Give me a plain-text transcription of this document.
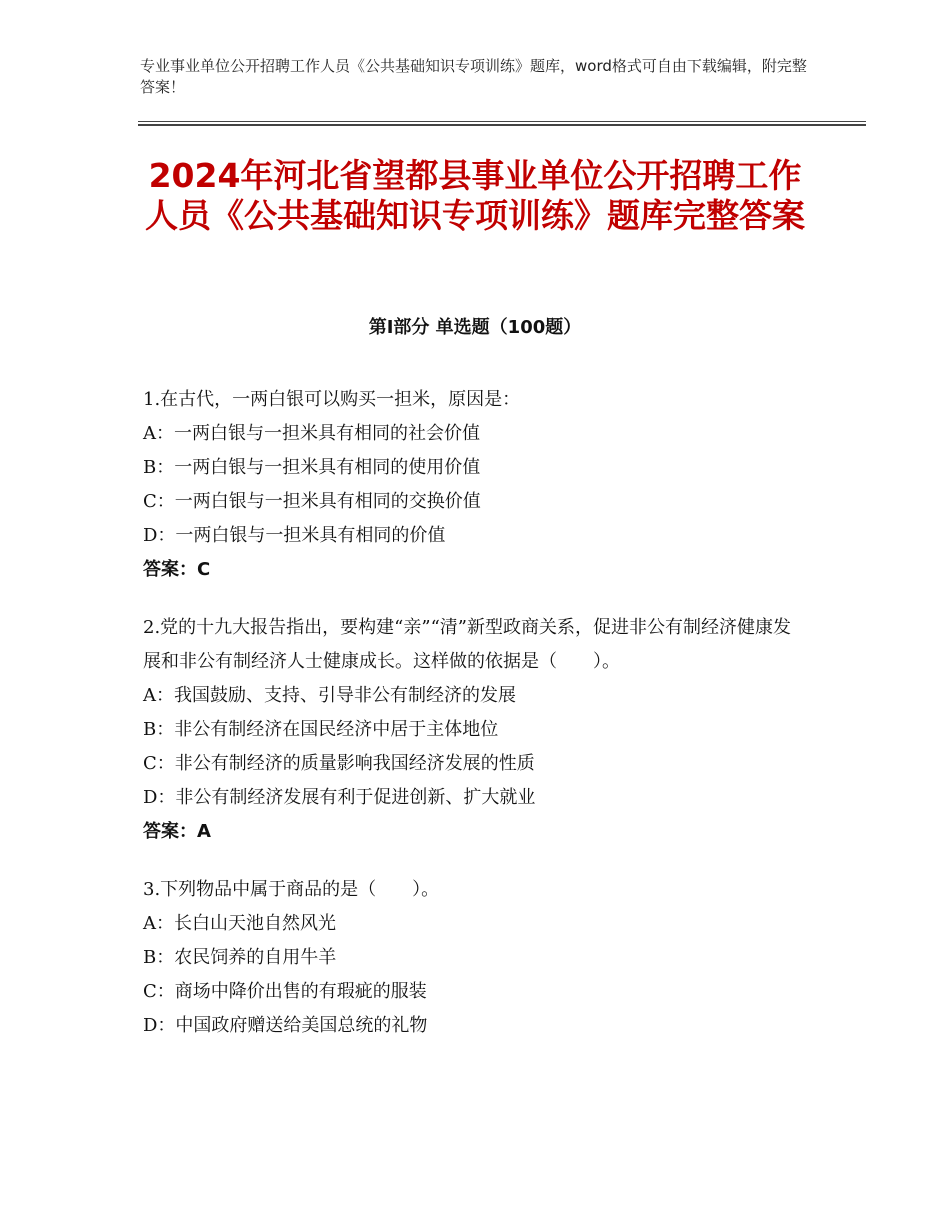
专业事业单位公开招聘工作人员《公共基础知识专项训练》题库，word格式可自由下载编辑，附完整答案！
2024年河北省望都县事业单位公开招聘工作人员《公共基础知识专项训练》题库完整答案
第Ⅰ部分 单选题（100题）
1.在古代，一两白银可以购买一担米，原因是：
A：一两白银与一担米具有相同的社会价值
B：一两白银与一担米具有相同的使用价值
C：一两白银与一担米具有相同的交换价值
D：一两白银与一担米具有相同的价值
答案：C
2.党的十九大报告指出，要构建“亲”“清”新型政商关系，促进非公有制经济健康发展和非公有制经济人士健康成长。这样做的依据是（　　）。
A：我国鼓励、支持、引导非公有制经济的发展
B：非公有制经济在国民经济中居于主体地位
C：非公有制经济的质量影响我国经济发展的性质
D：非公有制经济发展有利于促进创新、扩大就业
答案：A
3.下列物品中属于商品的是（　　）。
A：长白山天池自然风光
B：农民饲养的自用牛羊
C：商场中降价出售的有瑕疵的服装
D：中国政府赠送给美国总统的礼物
